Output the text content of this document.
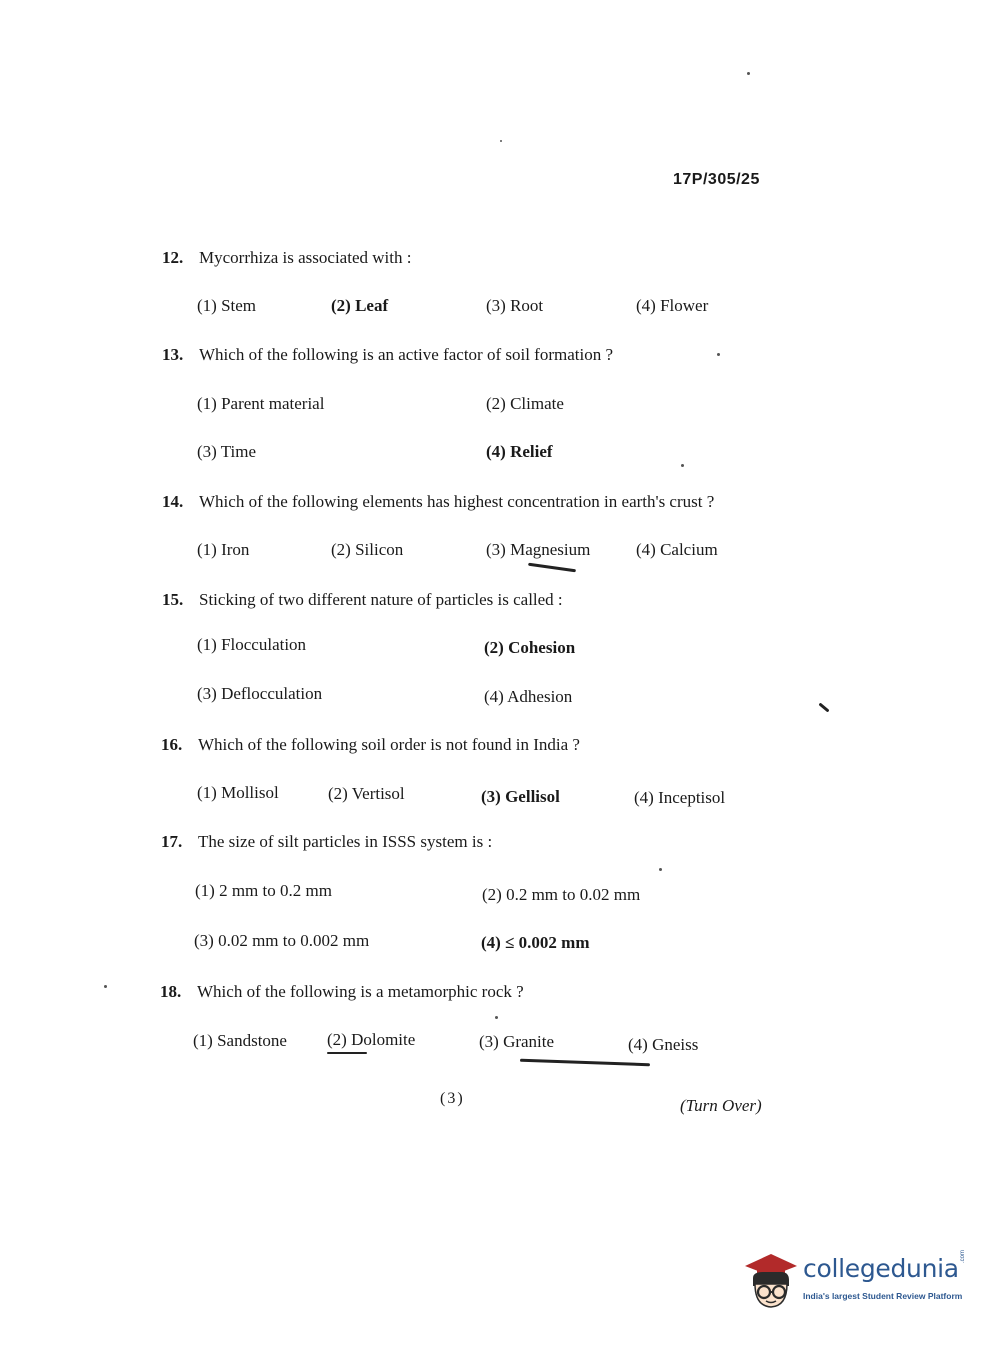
17P/305/25
12. Mycorrhiza is associated with :
(1) Stem	(2) Leaf	(3) Root	(4) Flower
13. Which of the following is an active factor of soil formation ?
(1) Parent material	(2) Climate
(3) Time	(4) Relief
14. Which of the following elements has highest concentration in earth's crust ?
(1) Iron	(2) Silicon	(3) Magnesium	(4) Calcium
15. Sticking of two different nature of particles is called :
(1) Flocculation	(2) Cohesion
(3) Deflocculation	(4) Adhesion
16. Which of the following soil order is not found in India ?
(1) Mollisol	(2) Vertisol	(3) Gellisol	(4) Inceptisol
17. The size of silt particles in ISSS system is :
(1) 2 mm to 0.2 mm	(2) 0.2 mm to 0.02 mm
(3) 0.02 mm to 0.002 mm	(4) ≤ 0.002 mm
18. Which of the following is a metamorphic rock ?
(1) Sandstone (2) Dolomite	(3) Granite	(4) Gneiss
(3)	(Turn Over)
collegedunia .com
India's largest Student Review Platform
